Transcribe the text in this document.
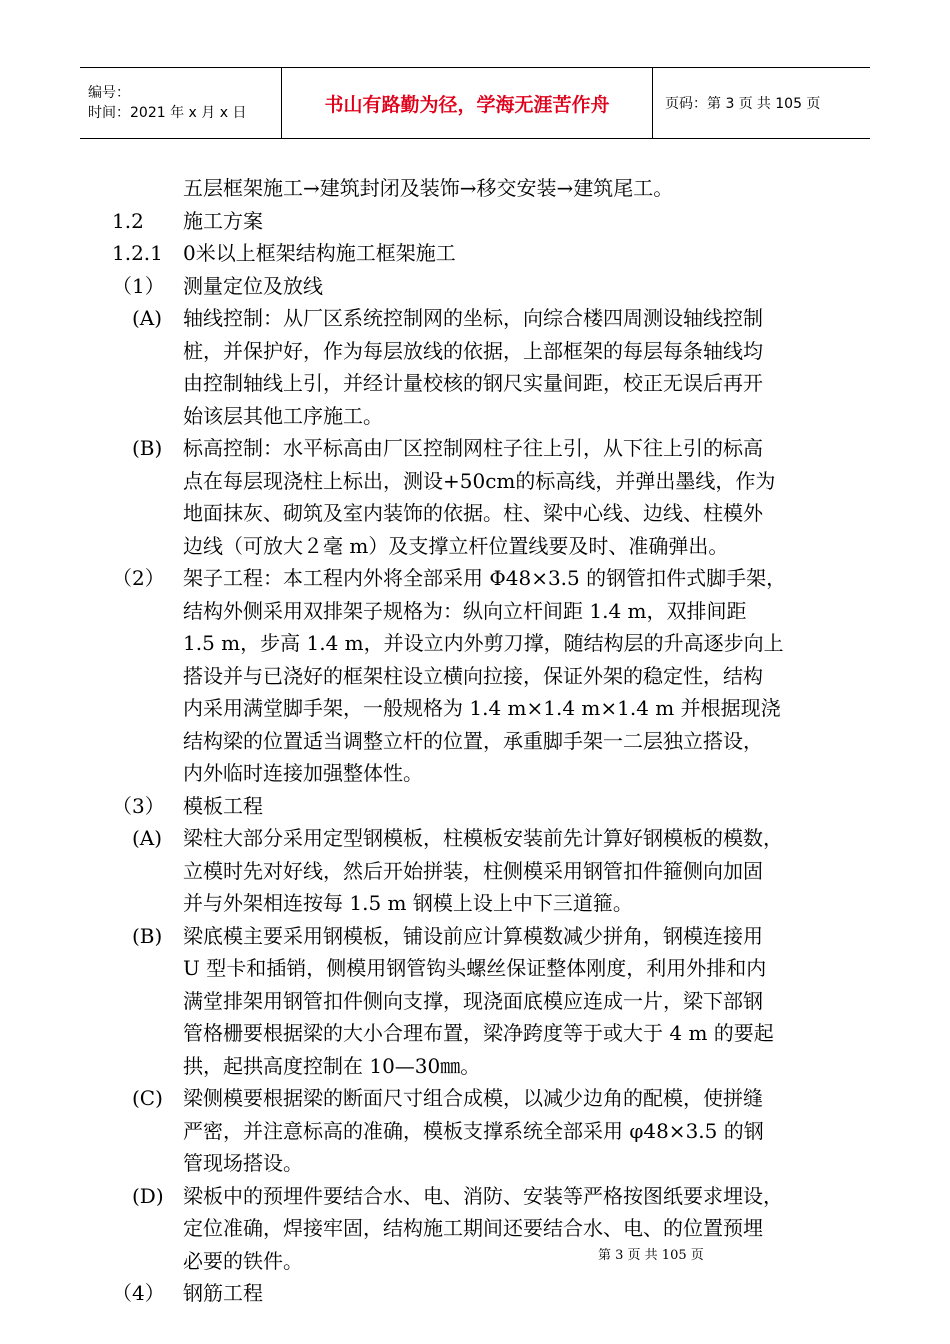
编号：
时间：2021 年 x 月 x 日	书山有路勤为径，学海无涯苦作舟	页码：第 3 页 共 105 页
五层框架施工→建筑封闭及装饰→移交安装→建筑尾工。
1.2 施工方案
1.2.1 0米以上框架结构施工框架施工
（1） 测量定位及放线
(A) 轴线控制：从厂区系统控制网的坐标，向综合楼四周测设轴线控制
桩，并保护好，作为每层放线的依据，上部框架的每层每条轴线均
由控制轴线上引，并经计量校核的钢尺实量间距，校正无误后再开
始该层其他工序施工。
(B) 标高控制：水平标高由厂区控制网柱子往上引，从下往上引的标高
点在每层现浇柱上标出，测设+50cm的标高线，并弹出墨线，作为
地面抹灰、砌筑及室内装饰的依据。柱、梁中心线、边线、柱模外
边线（可放大２毫 m）及支撑立杆位置线要及时、准确弹出。
（2） 架子工程：本工程内外将全部采用 Φ48×3.5 的钢管扣件式脚手架，
结构外侧采用双排架子规格为：纵向立杆间距 1.4 m，双排间距
1.5 m，步高 1.4 m，并设立内外剪刀撑，随结构层的升高逐步向上
搭设并与已浇好的框架柱设立横向拉接，保证外架的稳定性，结构
内采用满堂脚手架，一般规格为 1.4 m×1.4 m×1.4 m 并根据现浇
结构梁的位置适当调整立杆的位置，承重脚手架一二层独立搭设，
内外临时连接加强整体性。
（3） 模板工程
(A) 梁柱大部分采用定型钢模板，柱模板安装前先计算好钢模板的模数，
立模时先对好线，然后开始拼装，柱侧模采用钢管扣件箍侧向加固
并与外架相连按每 1.5 m 钢模上设上中下三道箍。
(B) 梁底模主要采用钢模板，铺设前应计算模数减少拼角，钢模连接用
U 型卡和插销，侧模用钢管钩头螺丝保证整体刚度，利用外排和内
满堂排架用钢管扣件侧向支撑，现浇面底模应连成一片，梁下部钢
管格栅要根据梁的大小合理布置，梁净跨度等于或大于 4 m 的要起
拱，起拱高度控制在 10—30㎜。
(C) 梁侧模要根据梁的断面尺寸组合成模，以减少边角的配模，使拼缝
严密，并注意标高的准确，模板支撑系统全部采用 φ48×3.5 的钢
管现场搭设。
(D) 梁板中的预埋件要结合水、电、消防、安装等严格按图纸要求埋设，
定位准确，焊接牢固，结构施工期间还要结合水、电、的位置预埋
必要的铁件。
（4） 钢筋工程
第 3 页 共 105 页
